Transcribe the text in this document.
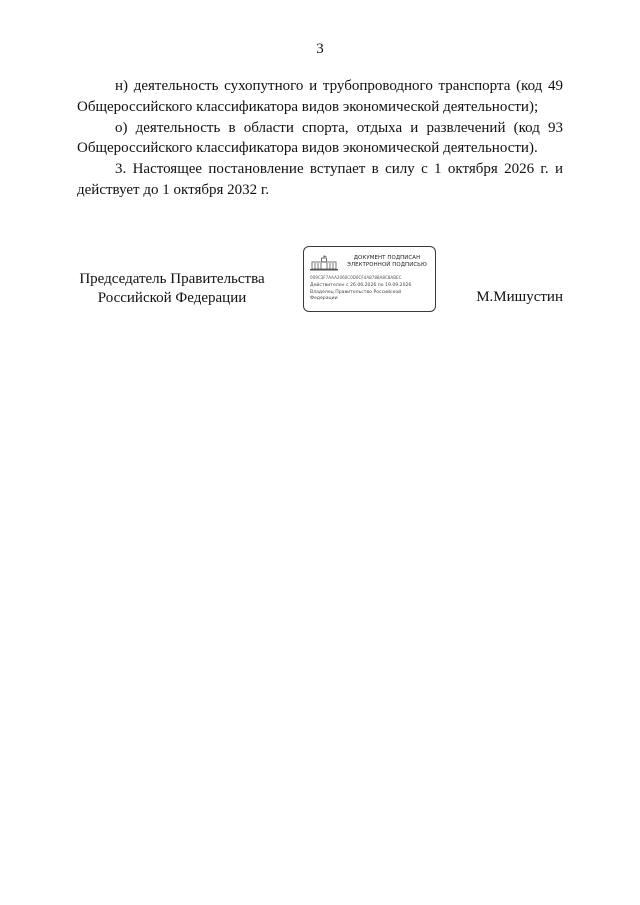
3

н) деятельность сухопутного и трубопроводного транспорта (код 49 Общероссийского классификатора видов экономической деятельности);

о) деятельность в области спорта, отдыха и развлечений (код 93 Общероссийского классификатора видов экономической деятельности).

3. Настоящее постановление вступает в силу с 1 октября 2026 г. и действует до 1 октября 2032 г.

Председатель Правительства
Российской Федерации
ДОКУМЕНТ ПОДПИСАН
ЭЛЕКТРОННОЙ ПОДПИСЬЮ
009C3F7AAA2060C0D0CF4A8788A8C8ABEC
Действителен с 26.06.2026 по 19.09.2026
Владелец Правительство Российской Федерации	М.Мишустин
